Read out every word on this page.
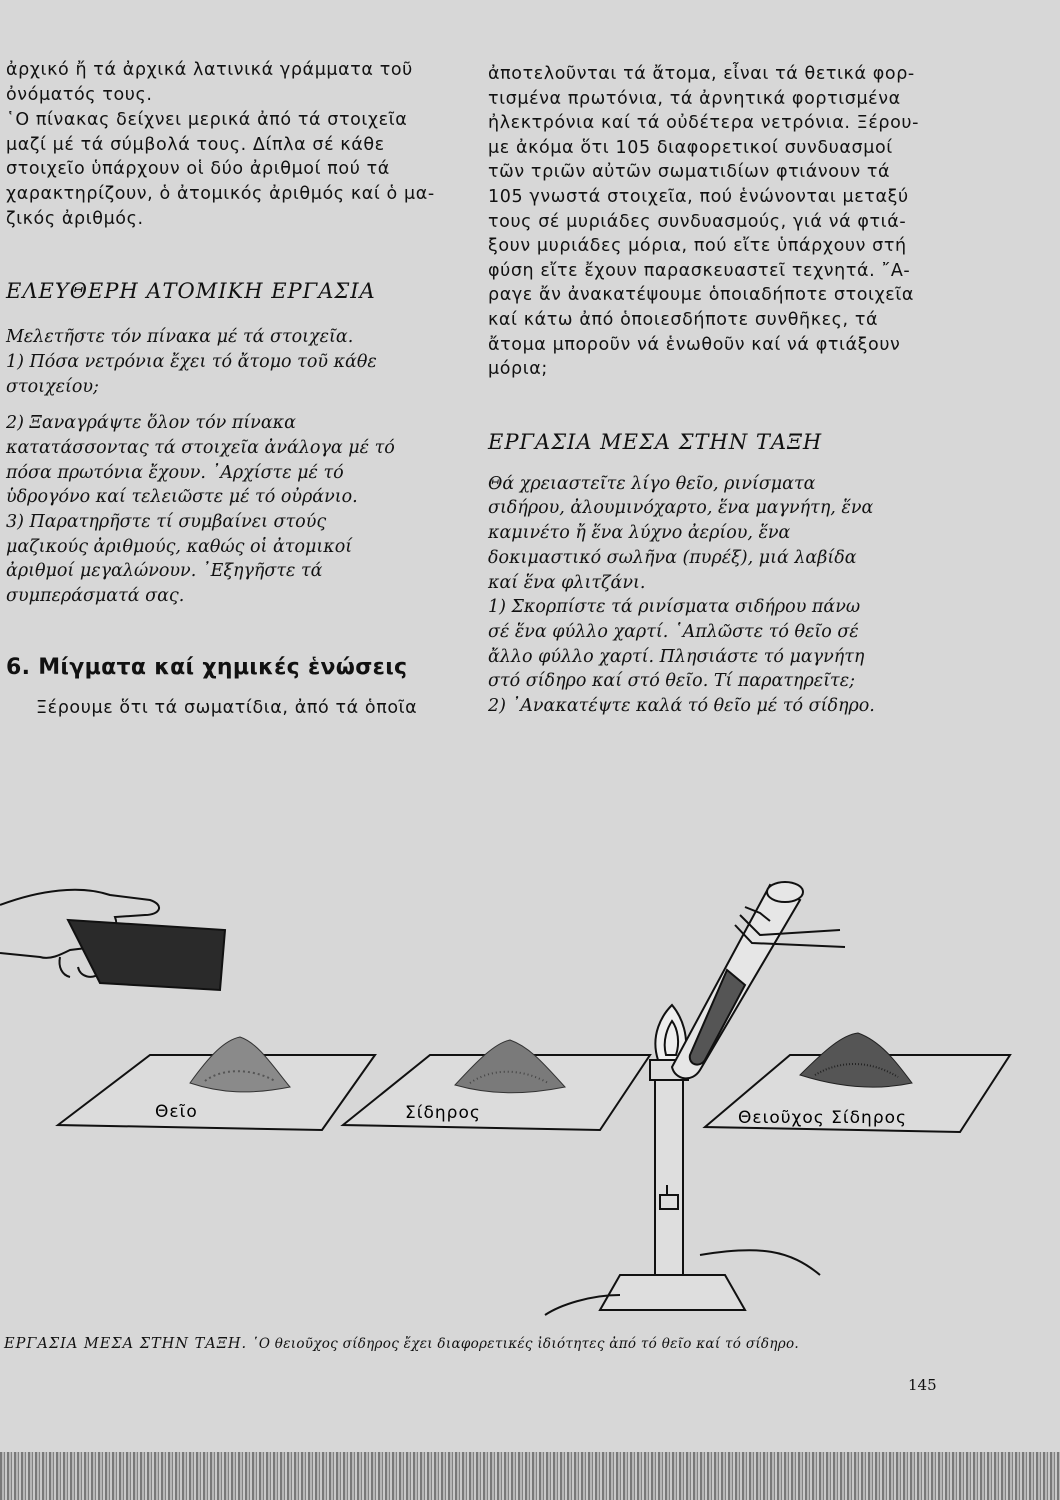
ἀρχικό ἤ τά ἀρχικά λατινικά γράμματα τοῦ

ὀνόματός τους.

῾Ο πίνακας δείχνει μερικά ἀπό τά στοιχεῖα

μαζί μέ τά σύμβολά τους. Δίπλα σέ κάθε

στοιχεῖο ὑπάρχουν οἱ δύο ἀριθμοί πού τά

χαρακτηρίζουν, ὁ ἀτομικός ἀριθμός καί ὁ μα-

ζικός ἀριθμός.

ΕΛΕΥΘΕΡΗ ΑΤΟΜΙΚΗ ΕΡΓΑΣΙΑ

Μελετῆστε τόν πίνακα μέ τά στοιχεῖα.

1) Πόσα νετρόνια ἔχει τό ἄτομο τοῦ κάθε

στοιχείου;

2) Ξαναγράψτε ὅλον τόν πίνακα

κατατάσσοντας τά στοιχεῖα ἀνάλογα μέ τό

πόσα πρωτόνια ἔχουν. ᾿Αρχίστε μέ τό

ὑδρογόνο καί τελειῶστε μέ τό οὐράνιο.

3) Παρατηρῆστε τί συμβαίνει στούς

μαζικούς ἀριθμούς, καθώς οἱ ἀτομικοί

ἀριθμοί μεγαλώνουν. ᾿Εξηγῆστε τά

συμπεράσματά σας.

6. Μίγματα καί χημικές ἑνώσεις

Ξέρουμε ὅτι τά σωματίδια, ἀπό τά ὁποῖα

ἀποτελοῦνται τά ἄτομα, εἶναι τά θετικά φορ-

τισμένα πρωτόνια, τά ἀρνητικά φορτισμένα

ἠλεκτρόνια καί τά οὐδέτερα νετρόνια. Ξέρου-

με ἀκόμα ὅτι 105 διαφορετικοί συνδυασμοί

τῶν τριῶν αὐτῶν σωματιδίων φτιάνουν τά

105 γνωστά στοιχεῖα, πού ἑνώνονται μεταξύ

τους σέ μυριάδες συνδυασμούς, γιά νά φτιά-

ξουν μυριάδες μόρια, πού εἴτε ὑπάρχουν στή

φύση εἴτε ἔχουν παρασκευαστεῖ τεχνητά. ῎Α-

ραγε ἄν ἀνακατέψουμε ὁποιαδήποτε στοιχεῖα

καί κάτω ἀπό ὁποιεσδήποτε συνθῆκες, τά

ἄτομα μποροῦν νά ἑνωθοῦν καί νά φτιάξουν

μόρια;

ΕΡΓΑΣΙΑ ΜΕΣΑ ΣΤΗΝ ΤΑΞΗ

Θά χρειαστεῖτε λίγο θεῖο, ρινίσματα

σιδήρου, ἀλουμινόχαρτο, ἕνα μαγνήτη, ἕνα

καμινέτο ἤ ἕνα λύχνο ἀερίου, ἕνα

δοκιμαστικό σωλῆνα (πυρέξ), μιά λαβίδα

καί ἕνα φλιτζάνι.

1) Σκορπίστε τά ρινίσματα σιδήρου πάνω

σέ ἕνα φύλλο χαρτί. ῾Απλῶστε τό θεῖο σέ

ἄλλο φύλλο χαρτί. Πλησιάστε τό μαγνήτη

στό σίδηρο καί στό θεῖο. Τί παρατηρεῖτε;

2) ᾿Ανακατέψτε καλά τό θεῖο μέ τό σίδηρο.

Θεῖο	Σίδηρος	Θειοῦχος Σίδηρος
ΕΡΓΑΣΙΑ ΜΕΣΑ ΣΤΗΝ ΤΑΞΗ. ῾Ο θειοῦχος σίδηρος ἔχει διαφορετικές ἰδιότητες ἀπό τό θεῖο καί τό σίδηρο.
145
